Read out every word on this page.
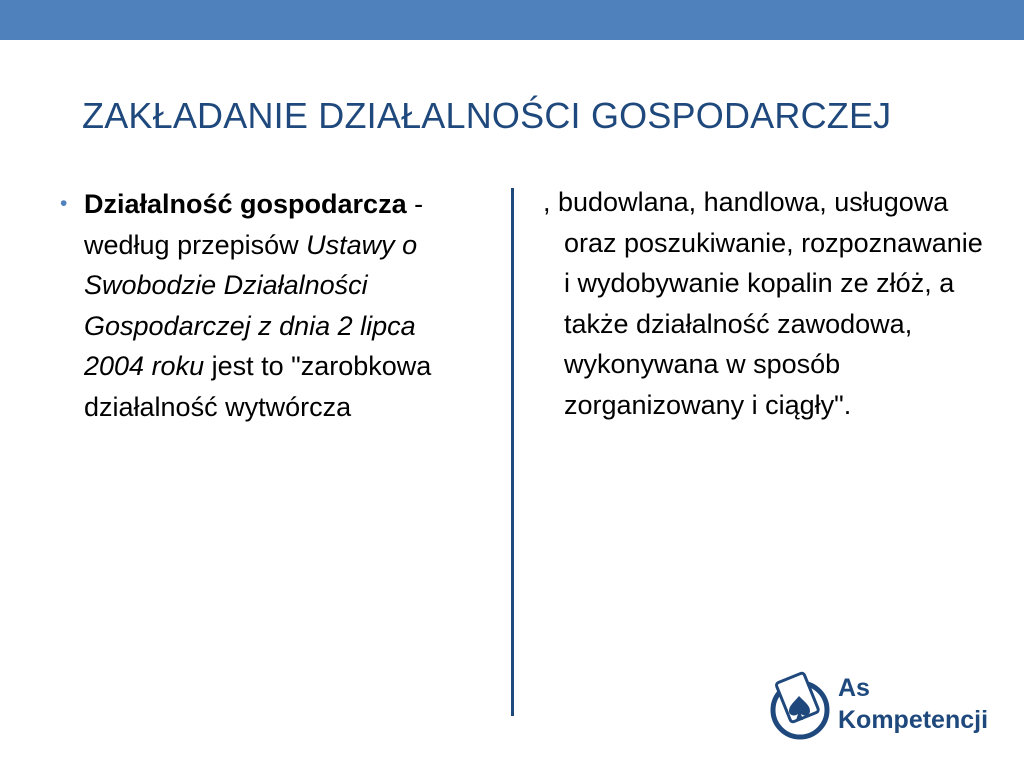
ZAKŁADANIE DZIAŁALNOŚCI GOSPODARCZEJ

• Działalność gospodarcza - według przepisów Ustawy o Swobodzie Działalności Gospodarczej z dnia 2 lipca 2004 roku jest to "zarobkowa działalność wytwórcza

, budowlana, handlowa, usługowa oraz poszukiwanie, rozpoznawanie i wydobywanie kopalin ze złóż, a także działalność zawodowa, wykonywana w sposób zorganizowany i ciągły".

As
Kompetencji
